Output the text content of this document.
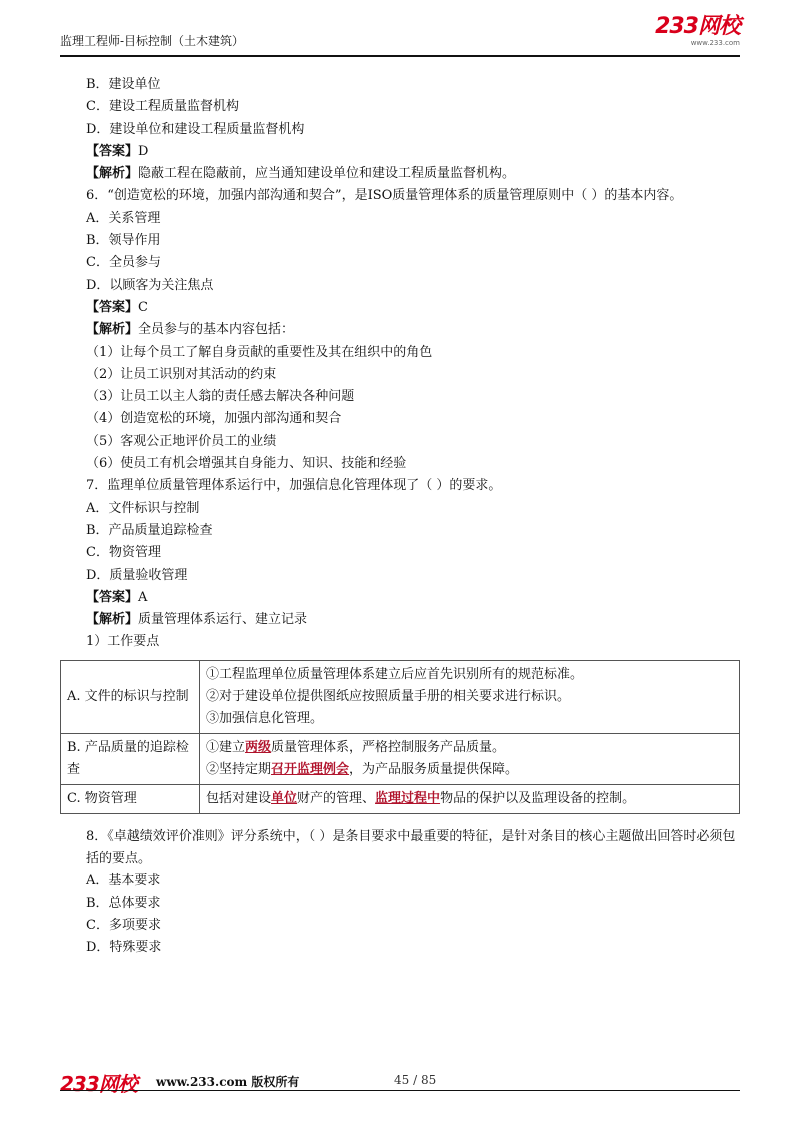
监理工程师-目标控制（土木建筑）
233网校
www.233.com
B．建设单位
C．建设工程质量监督机构
D．建设单位和建设工程质量监督机构
【答案】D
【解析】隐蔽工程在隐蔽前，应当通知建设单位和建设工程质量监督机构。
6．“创造宽松的环境，加强内部沟通和契合”，是ISO质量管理体系的质量管理原则中（ ）的基本内容。
A．关系管理
B．领导作用
C．全员参与
D．以顾客为关注焦点
【答案】C
【解析】全员参与的基本内容包括：
（1）让每个员工了解自身贡献的重要性及其在组织中的角色
（2）让员工识别对其活动的约束
（3）让员工以主人翁的责任感去解决各种问题
（4）创造宽松的环境，加强内部沟通和契合
（5）客观公正地评价员工的业绩
（6）使员工有机会增强其自身能力、知识、技能和经验
7．监理单位质量管理体系运行中，加强信息化管理体现了（ ）的要求。
A．文件标识与控制
B．产品质量追踪检查
C．物资管理
D．质量验收管理
【答案】A
【解析】质量管理体系运行、建立记录
1）工作要点
A. 文件的标识与控制	①工程监理单位质量管理体系建立后应首先识别所有的规范标准。
②对于建设单位提供图纸应按照质量手册的相关要求进行标识。
③加强信息化管理。

B. 产品质量的追踪检查	①建立两级质量管理体系，严格控制服务产品质量。
②坚持定期召开监理例会，为产品服务质量提供保障。

C. 物资管理	包括对建设单位财产的管理、监理过程中物品的保护以及监理设备的控制。
8．《卓越绩效评价准则》评分系统中，（ ）是条目要求中最重要的特征，是针对条目的核心主题做出回答时必须包括的要点。
A．基本要求
B．总体要求
C．多项要求
D．特殊要求
233网校 www.233.com 版权所有	45 / 85
